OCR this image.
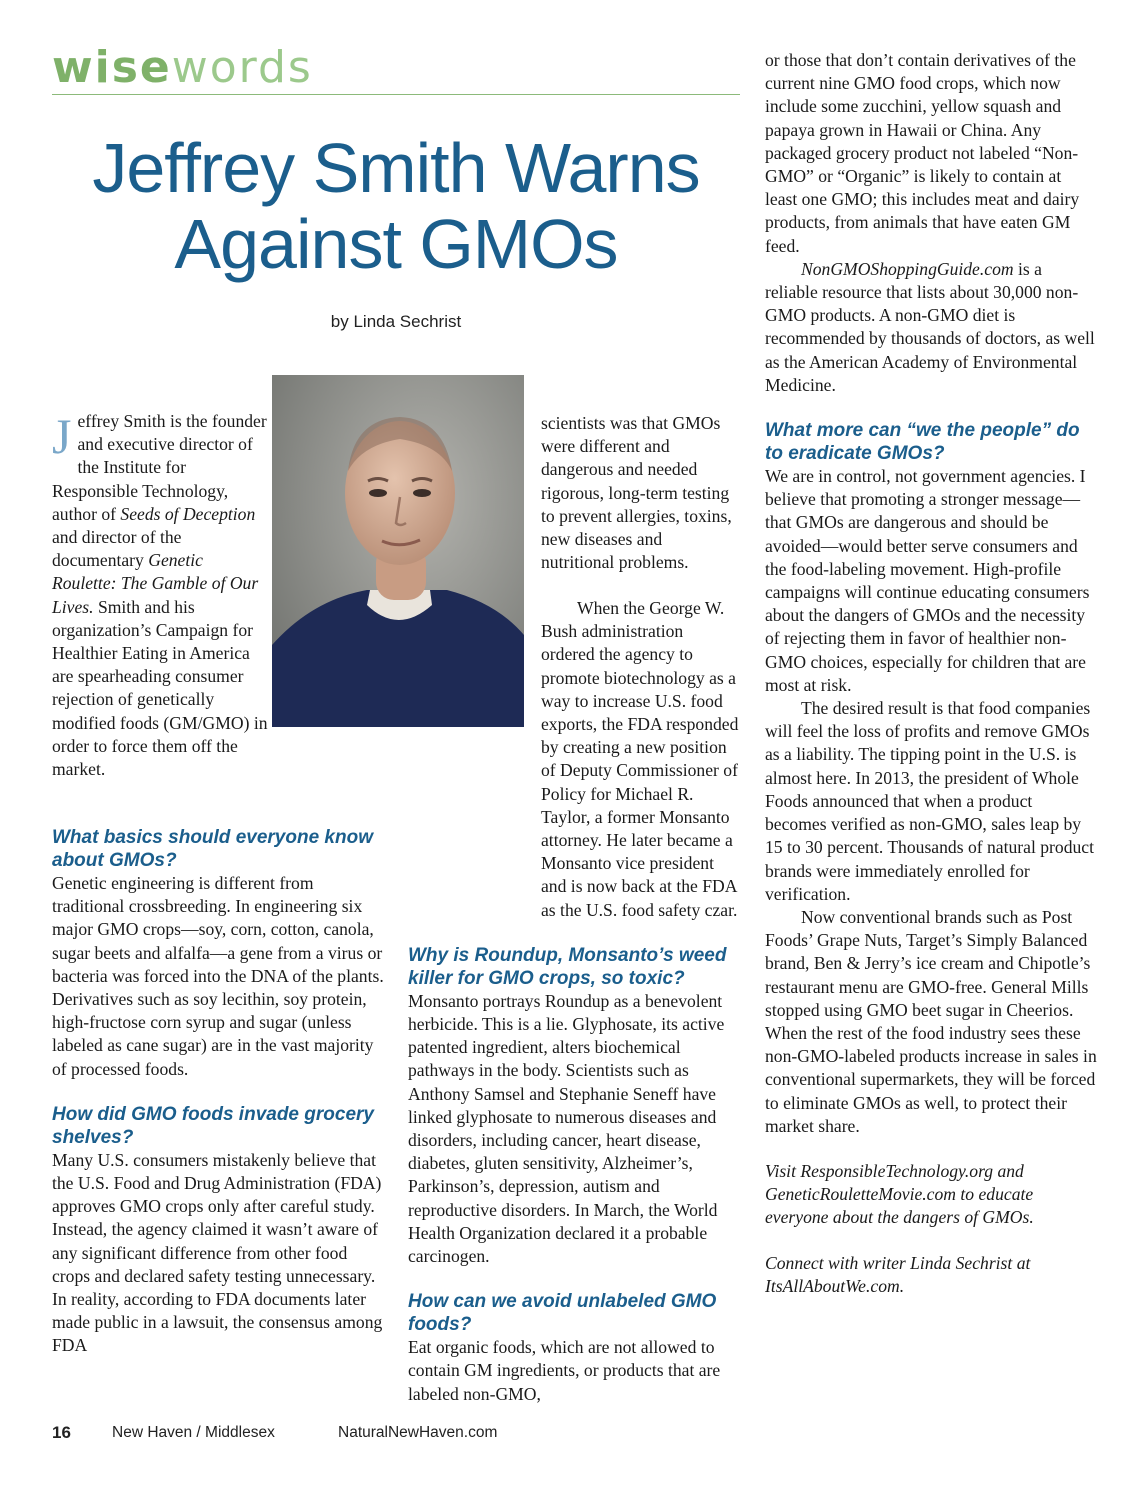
wisewords
Jeffrey Smith Warns
Against GMOs
by Linda Sechrist

Jeffrey Smith is the founder and executive director of the Institute for Responsible Technology, author of Seeds of Deception and director of the documentary Genetic Roulette: The Gamble of Our Lives. Smith and his organization’s Campaign for Healthier Eating in America are spearheading consumer rejection of genetically modified foods (GM/GMO) in order to force them off the market.

What basics should everyone know about GMOs?

Genetic engineering is different from traditional crossbreeding. In engineering six major GMO crops—soy, corn, cotton, canola, sugar beets and alfalfa—a gene from a virus or bacteria was forced into the DNA of the plants. Derivatives such as soy lecithin, soy protein, high-fructose corn syrup and sugar (unless labeled as cane sugar) are in the vast majority of processed foods.

How did GMO foods invade grocery shelves?

Many U.S. consumers mistakenly believe that the U.S. Food and Drug Administration (FDA) approves GMO crops only after careful study. Instead, the agency claimed it wasn’t aware of any significant difference from other food crops and declared safety testing unnecessary. In reality, according to FDA documents later made public in a lawsuit, the consensus among FDA

scientists was that GMOs were different and dangerous and needed rigorous, long-term testing to prevent allergies, toxins, new diseases and nutritional problems.

When the George W. Bush administration ordered the agency to promote biotechnology as a way to increase U.S. food exports, the FDA responded by creating a new position of Deputy Commissioner of Policy for Michael R. Taylor, a former Monsanto attorney. He later became a Monsanto vice president and is now back at the FDA as the U.S. food safety czar.

Why is Roundup, Monsanto’s weed killer for GMO crops, so toxic?

Monsanto portrays Roundup as a benevolent herbicide. This is a lie. Glyphosate, its active patented ingredient, alters biochemical pathways in the body. Scientists such as Anthony Samsel and Stephanie Seneff have linked glyphosate to numerous diseases and disorders, including cancer, heart disease, diabetes, gluten sensitivity, Alzheimer’s, Parkinson’s, depression, autism and reproductive disorders. In March, the World Health Organization declared it a probable carcinogen.

How can we avoid unlabeled GMO foods?

Eat organic foods, which are not allowed to contain GM ingredients, or products that are labeled non-GMO,

or those that don’t contain derivatives of the current nine GMO food crops, which now include some zucchini, yellow squash and papaya grown in Hawaii or China. Any packaged grocery product not labeled “Non-GMO” or “Organic” is likely to contain at least one GMO; this includes meat and dairy products, from animals that have eaten GM feed.

NonGMOShoppingGuide.com is a reliable resource that lists about 30,000 non-GMO products. A non-GMO diet is recommended by thousands of doctors, as well as the American Academy of Environmental Medicine.

What more can “we the people” do to eradicate GMOs?

We are in control, not government agencies. I believe that promoting a stronger message—that GMOs are dangerous and should be avoided—would better serve consumers and the food-labeling movement. High-profile campaigns will continue educating consumers about the dangers of GMOs and the necessity of rejecting them in favor of healthier non-GMO choices, especially for children that are most at risk.

The desired result is that food companies will feel the loss of profits and remove GMOs as a liability. The tipping point in the U.S. is almost here. In 2013, the president of Whole Foods announced that when a product becomes verified as non-GMO, sales leap by 15 to 30 percent. Thousands of natural product brands were immediately enrolled for verification.

Now conventional brands such as Post Foods’ Grape Nuts, Target’s Simply Balanced brand, Ben & Jerry’s ice cream and Chipotle’s restaurant menu are GMO-free. General Mills stopped using GMO beet sugar in Cheerios. When the rest of the food industry sees these non-GMO-labeled products increase in sales in conventional supermarkets, they will be forced to eliminate GMOs as well, to protect their market share.

Visit ResponsibleTechnology.org and GeneticRouletteMovie.com to educate everyone about the dangers of GMOs.

Connect with writer Linda Sechrist at ItsAllAboutWe.com.

16	New Haven / Middlesex	NaturalNewHaven.com
